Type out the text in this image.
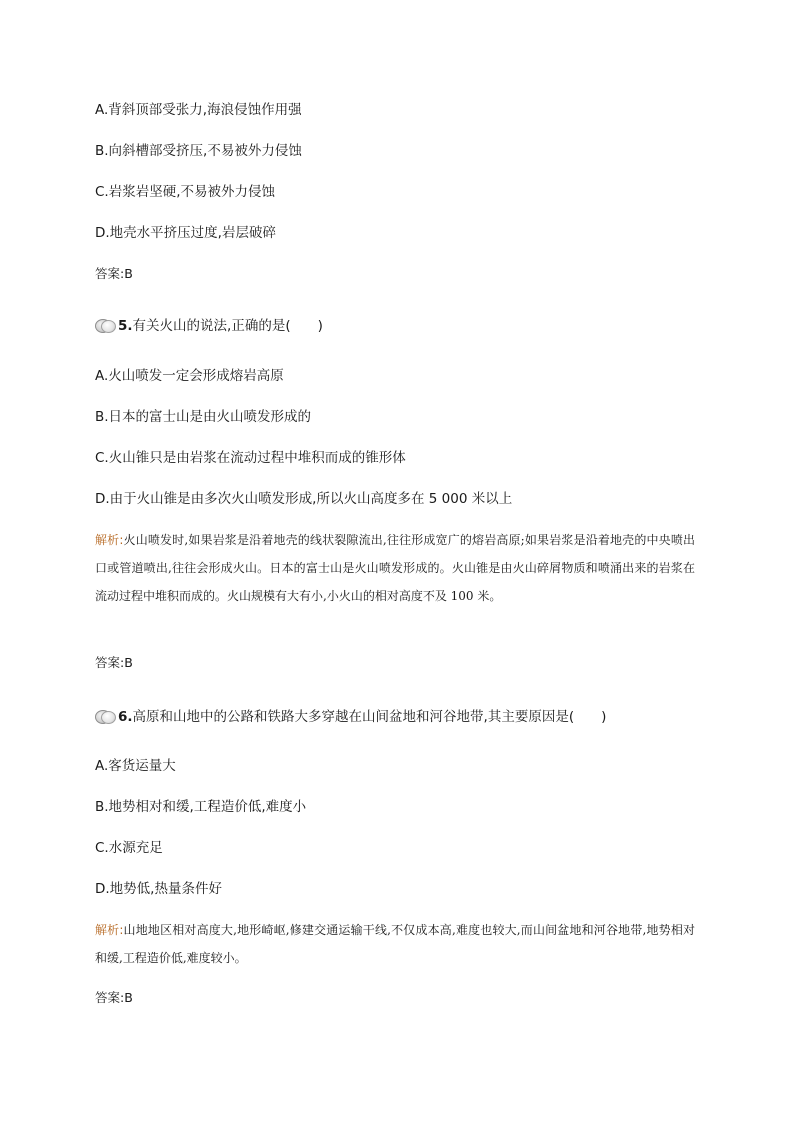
A.背斜顶部受张力,海浪侵蚀作用强
B.向斜槽部受挤压,不易被外力侵蚀
C.岩浆岩坚硬,不易被外力侵蚀
D.地壳水平挤压过度,岩层破碎
答案:B
5.有关火山的说法,正确的是(　　)
A.火山喷发一定会形成熔岩高原
B.日本的富士山是由火山喷发形成的
C.火山锥只是由岩浆在流动过程中堆积而成的锥形体
D.由于火山锥是由多次火山喷发形成,所以火山高度多在 5 000 米以上
解析:火山喷发时,如果岩浆是沿着地壳的线状裂隙流出,往往形成宽广的熔岩高原;如果岩浆是沿着地壳的中央喷出口或管道喷出,往往会形成火山。日本的富士山是火山喷发形成的。火山锥是由火山碎屑物质和喷涌出来的岩浆在流动过程中堆积而成的。火山规模有大有小,小火山的相对高度不及 100 米。
答案:B
6.高原和山地中的公路和铁路大多穿越在山间盆地和河谷地带,其主要原因是(　　)
A.客货运量大
B.地势相对和缓,工程造价低,难度小
C.水源充足
D.地势低,热量条件好
解析:山地地区相对高度大,地形崎岖,修建交通运输干线,不仅成本高,难度也较大,而山间盆地和河谷地带,地势相对和缓,工程造价低,难度较小。
答案:B
